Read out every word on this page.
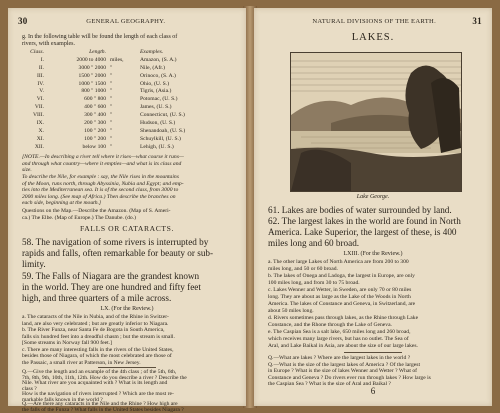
30	GENERAL GEOGRAPHY.
g. In the following table will be found the length of each class of
rivers, with examples.
Class.	Length.	Examples.
I.	2000 to 4000 miles,	Amazon, (S. A.)
II.	3000 " 2000 "	Nile, (Afr.)
III.	1500 " 2000 "	Orinoco, (S. A.)
IV.	1000 " 1500 "	Ohio, (U. S.)
V.	800 " 1000 "	Tigris, (Asia.)
VI.	600 " 800 "	Potomac, (U. S.)
VII.	400 " 600 "	James, (U. S.)
VIII.	300 " 400 "	Connecticut, (U. S.)
IX.	200 " 300 "	Hudson, (U. S.)
X.	100 " 200 "	Shenandoah, (U. S.)
XI.	100 " 200 "	Schuylkill, (U. S.)
XII.	below 100 "	Lehigh, (U. S.)
[NOTE.—In describing a river tell where it rises—what course it runs—
and through what country—where it empties—and what is its class and
size.
To describe the Nile, for example : say, the Nile rises in the mountains
of the Moon, runs north, through Abyssinia, Nubia and Egypt; and emp-
ties into the Mediterranean sea. It is of the second class, from 3000 to
2000 miles long. (See map of Africa.) Then describe the branches on
each side, beginning at the mouth.]
Questions on the Map.—Describe the Amazon. (Map of S. Ameri-
ca.) The Elbe. (Map of Europe.) The Danube. (do.)
FALLS OR CATARACTS.
58. The navigation of some rivers is interrupted by
rapids and falls, often remarkable for beauty or sub-
limity.
59. The Falls of Niagara are the grandest known
in the world. They are one hundred and fifty feet
high, and three quarters of a mile across.
LX. (For the Review.)
a. The cataracts of the Nile in Nubia, and of the Rhine in Switzer-
land, are also very celebrated ; but are greatly inferior to Niagara.
b. The River Funza, near Santa Fe de Bogota in South America,
falls six hundred feet into a dreadful chasm ; but the stream is small.
[Some streams in Norway fall 900 feet.]
c. There are many interesting falls in the rivers of the United States,
besides those of Niagara, of which the most celebrated are those of
the Passaic, a small river at Patterson, in New Jersey.
Q.—Give the length and an example of the 4th class ; of the 5th, 6th,
7th, 8th, 9th, 10th, 11th, 12th. How do you describe a river ? Describe the
Nile. What river are you acquainted with ? What is its length and
class ?
How is the navigation of rivers interrupted ? Which are the most re-
markable falls known in the world ?
Q.—Are there any cataracts in the Nile and the Rhine ? How high are
the falls of the Funza ? What falls in the United States besides Niagara ?
NATURAL DIVISIONS OF THE EARTH.	31
LAKES.
Lake George.
61. Lakes are bodies of water surrounded by land.
62. The largest lakes in the world are found in North
America. Lake Superior, the largest of these, is 400
miles long and 60 broad.
LXIII. (For the Review.)
a. The other large Lakes of North America are from 200 to 300
miles long, and 50 or 60 broad.
b. The lakes of Onega and Ladoga, the largest in Europe, are only
100 miles long, and from 30 to 75 broad.
c. Lakes Wenner and Wetter, in Sweden, are only 70 or 80 miles
long. They are about as large as the Lake of the Woods in North
America. The lakes of Constance and Geneva, in Switzerland, are
about 50 miles long.
d. Rivers sometimes pass through lakes, as the Rhine through Lake
Constance, and the Rhone through the Lake of Geneva.
e. The Caspian Sea is a salt lake, 650 miles long and 260 broad,
which receives many large rivers, but has no outlet. The Sea of
Aral, and Lake Baikal in Asia, are about the size of our large lakes.
Q.—What are lakes ? Where are the largest lakes in the world ?
Q.—What is the size of the largest lakes of America ? Of the largest
in Europe ? What is the size of lakes Wenner and Wetter ? What of
Constance and Geneva ? Do rivers ever run through lakes ? How large is
the Caspian Sea ? What is the size of Aral and Baikal ?
6
